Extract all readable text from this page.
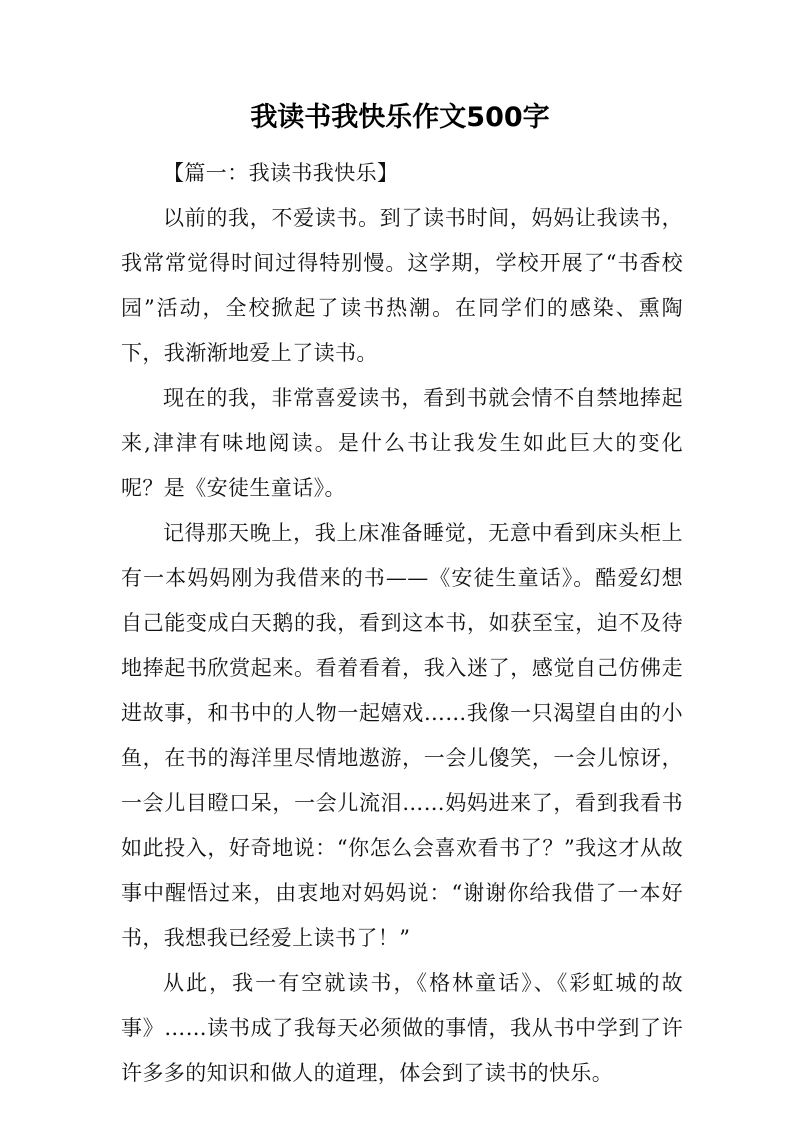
我读书我快乐作文500字

【篇一：我读书我快乐】

以前的我，不爱读书。到了读书时间，妈妈让我读书，我常常觉得时间过得特别慢。这学期，学校开展了“书香校园”活动，全校掀起了读书热潮。在同学们的感染、熏陶下，我渐渐地爱上了读书。

现在的我，非常喜爱读书，看到书就会情不自禁地捧起来,津津有味地阅读。是什么书让我发生如此巨大的变化呢？是《安徒生童话》。

记得那天晚上，我上床准备睡觉，无意中看到床头柜上有一本妈妈刚为我借来的书——《安徒生童话》。酷爱幻想自己能变成白天鹅的我，看到这本书，如获至宝，迫不及待地捧起书欣赏起来。看着看着，我入迷了，感觉自己仿佛走进故事，和书中的人物一起嬉戏……我像一只渴望自由的小鱼，在书的海洋里尽情地遨游，一会儿傻笑，一会儿惊讶，一会儿目瞪口呆，一会儿流泪……妈妈进来了，看到我看书如此投入，好奇地说：“你怎么会喜欢看书了？”我这才从故事中醒悟过来，由衷地对妈妈说：“谢谢你给我借了一本好书，我想我已经爱上读书了！”

从此，我一有空就读书，《格林童话》、《彩虹城的故事》……读书成了我每天必须做的事情，我从书中学到了许许多多的知识和做人的道理，体会到了读书的快乐。
